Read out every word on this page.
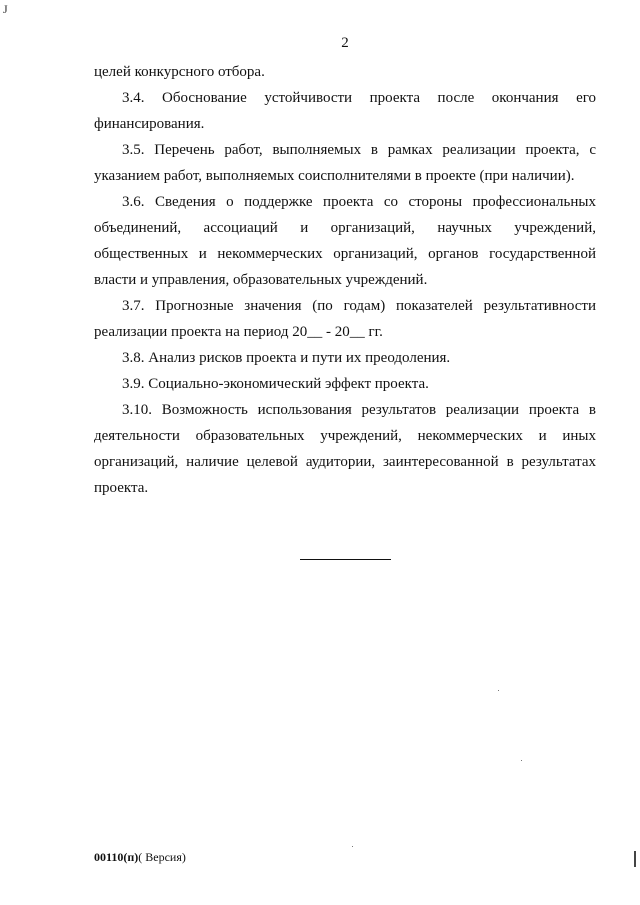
J
2

целей конкурсного отбора.

3.4. Обоснование устойчивости проекта после окончания его финансирования.

3.5. Перечень работ, выполняемых в рамках реализации проекта, с указанием работ, выполняемых соисполнителями в проекте (при наличии).

3.6. Сведения о поддержке проекта со стороны профессиональных объединений, ассоциаций и организаций, научных учреждений, общественных и некоммерческих организаций, органов государственной власти и управления, образовательных учреждений.

3.7. Прогнозные значения (по годам) показателей результативности реализации проекта на период 20__ - 20__ гг.

3.8. Анализ рисков проекта и пути их преодоления.

3.9. Социально-экономический эффект проекта.

3.10. Возможность использования результатов реализации проекта в деятельности образовательных учреждений, некоммерческих и иных организаций, наличие целевой аудитории, заинтересованной в результатах проекта.

00110(п)( Версия)
